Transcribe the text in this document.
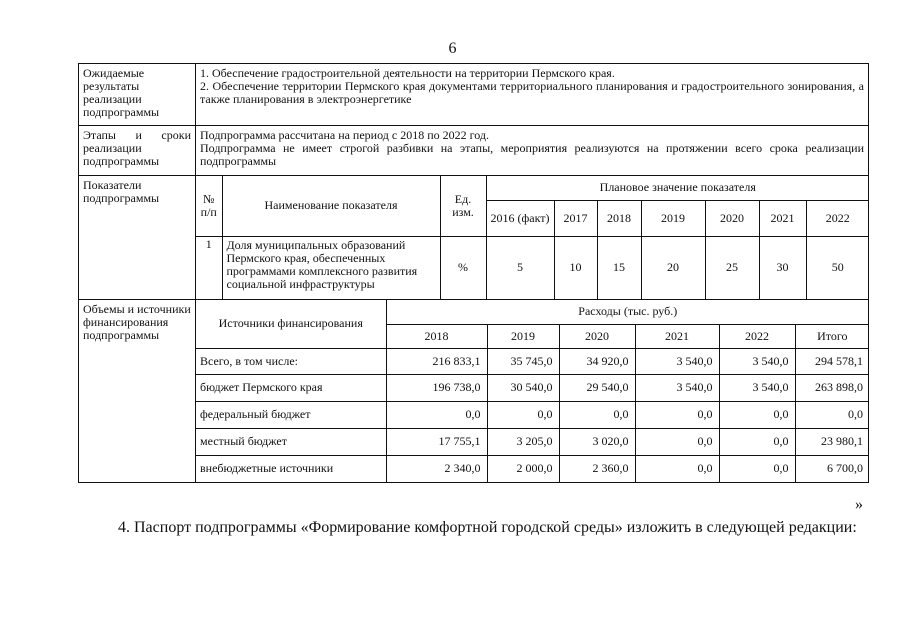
6
Ожидаемые результаты реализации подпрограммы	
1. Обеспечение градостроительной деятельности на территории Пермского края.
2. Обеспечение территории Пермского края документами территориального планирования и градостроительного зонирования, а также планирования в электроэнергетике

Этапы и сроки
реализации
подпрограммы	
Подпрограмма рассчитана на период с 2018 по 2022 год.
Подпрограмма не имеет строгой разбивки на этапы, мероприятия реализуются на протяжении всего срока реализации подпрограммы

Показатели подпрограммы		№ п/п	Наименование показателя	Ед. изм.	Плановое значение показателя
2016 (факт)	2017	2018	2019	2020	2021	2022
1	Доля муниципальных образований Пермского края, обеспеченных программами комплексного развития социальной инфраструктуры	%	5	10	15	20	25	30	50

Объемы и источники финансирования подпрограммы	
Источники финансирования	Расходы (тыс. руб.)
2018	2019	2020	2021	2022	Итого
Всего, в том числе:	216 833,1	35 745,0	34 920,0	3 540,0	3 540,0	294 578,1
бюджет Пермского края	196 738,0	30 540,0	29 540,0	3 540,0	3 540,0	263 898,0
федеральный бюджет	0,0	0,0	0,0	0,0	0,0	0,0
местный бюджет	17 755,1	3 205,0	3 020,0	0,0	0,0	23 980,1
внебюджетные источники	2 340,0	2 000,0	2 360,0	0,0	0,0	6 700,0
»
4. Паспорт подпрограммы «Формирование комфортной городской среды» изложить в следующей редакции:
